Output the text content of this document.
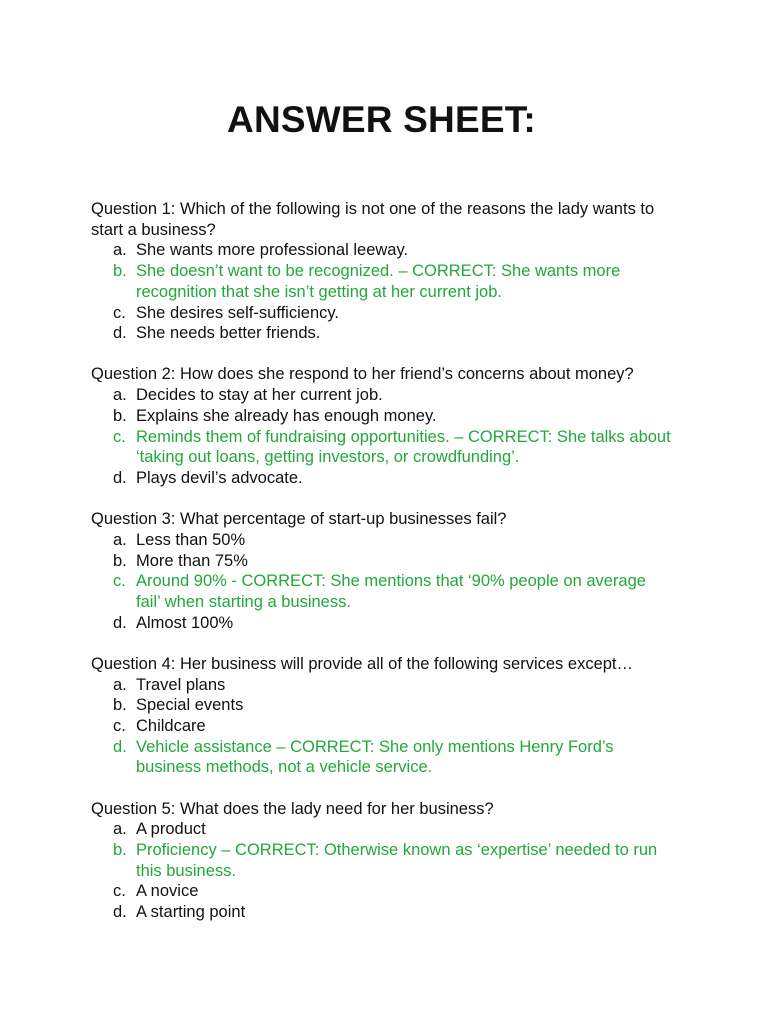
ANSWER SHEET:

Question 1: Which of the following is not one of the reasons the lady wants to start a business?

a. She wants more professional leeway.
b. She doesn’t want to be recognized. – CORRECT: She wants more recognition that she isn’t getting at her current job.
c. She desires self-sufficiency.
d. She needs better friends.

Question 2: How does she respond to her friend’s concerns about money?

a. Decides to stay at her current job.
b. Explains she already has enough money.
c. Reminds them of fundraising opportunities. – CORRECT: She talks about ‘taking out loans, getting investors, or crowdfunding’.
d. Plays devil’s advocate.

Question 3: What percentage of start-up businesses fail?

a. Less than 50%
b. More than 75%
c. Around 90% - CORRECT: She mentions that ‘90% people on average fail’ when starting a business.
d. Almost 100%

Question 4: Her business will provide all of the following services except…

a. Travel plans
b. Special events
c. Childcare
d. Vehicle assistance – CORRECT: She only mentions Henry Ford’s business methods, not a vehicle service.

Question 5: What does the lady need for her business?

a. A product
b. Proficiency – CORRECT: Otherwise known as ‘expertise’ needed to run this business.
c. A novice
d. A starting point
